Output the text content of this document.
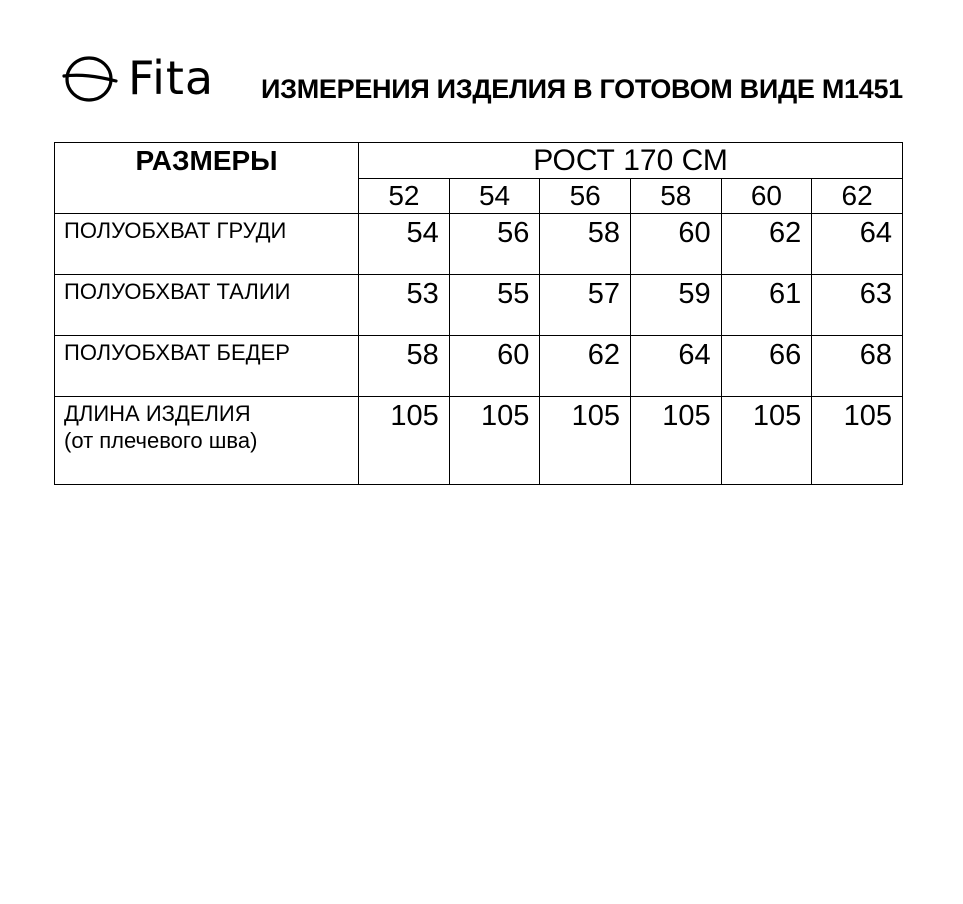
Fita ИЗМЕРЕНИЯ ИЗДЕЛИЯ В ГОТОВОМ ВИДЕ М1451
РАЗМЕРЫ	РОСТ 170 СМ					
	52	54	56	58	60	62
ПОЛУОБХВАТ ГРУДИ	54	56	58	60	62	64
ПОЛУОБХВАТ ТАЛИИ	53	55	57	59	61	63
ПОЛУОБХВАТ БЕДЕР	58	60	62	64	66	68

ДЛИНА ИЗДЕЛИЯ
(от плечевого шва)	105	105	105	105	105	105
